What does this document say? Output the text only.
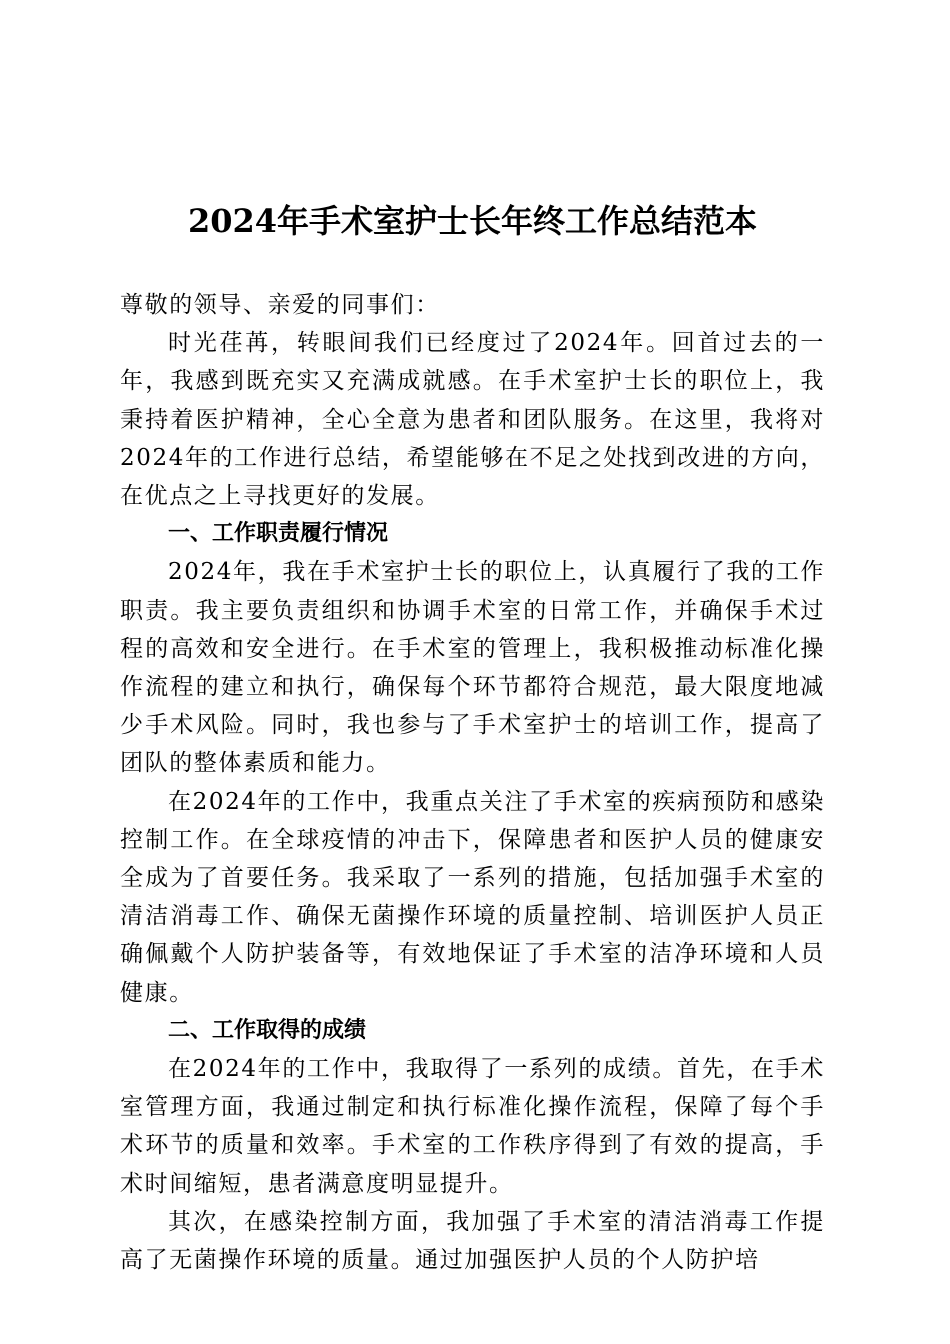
2024年手术室护士长年终工作总结范本

尊敬的领导、亲爱的同事们：

时光荏苒，转眼间我们已经度过了2024年。回首过去的一年，我感到既充实又充满成就感。在手术室护士长的职位上，我秉持着医护精神，全心全意为患者和团队服务。在这里，我将对2024年的工作进行总结，希望能够在不足之处找到改进的方向，在优点之上寻找更好的发展。

一、工作职责履行情况

2024年，我在手术室护士长的职位上，认真履行了我的工作职责。我主要负责组织和协调手术室的日常工作，并确保手术过程的高效和安全进行。在手术室的管理上，我积极推动标准化操作流程的建立和执行，确保每个环节都符合规范，最大限度地减少手术风险。同时，我也参与了手术室护士的培训工作，提高了团队的整体素质和能力。

在2024年的工作中，我重点关注了手术室的疾病预防和感染控制工作。在全球疫情的冲击下，保障患者和医护人员的健康安全成为了首要任务。我采取了一系列的措施，包括加强手术室的清洁消毒工作、确保无菌操作环境的质量控制、培训医护人员正确佩戴个人防护装备等，有效地保证了手术室的洁净环境和人员健康。

二、工作取得的成绩

在2024年的工作中，我取得了一系列的成绩。首先，在手术室管理方面，我通过制定和执行标准化操作流程，保障了每个手术环节的质量和效率。手术室的工作秩序得到了有效的提高，手术时间缩短，患者满意度明显提升。

其次，在感染控制方面，我加强了手术室的清洁消毒工作提高了无菌操作环境的质量。通过加强医护人员的个人防护培
